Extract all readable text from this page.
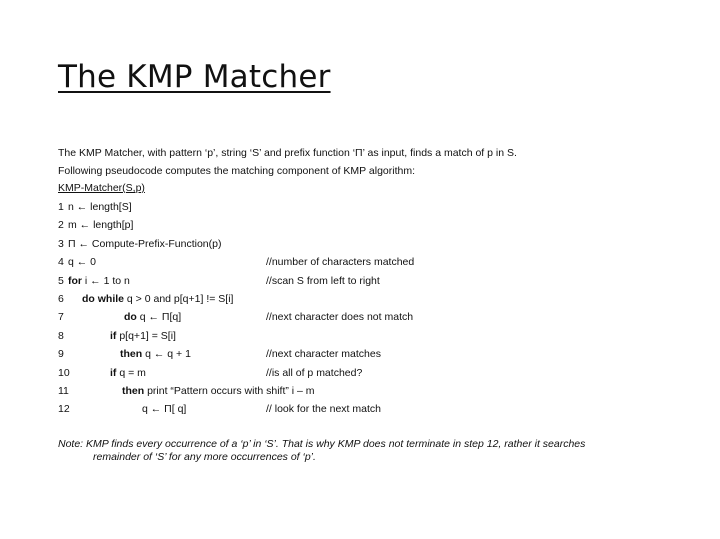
The KMP Matcher
The KMP Matcher, with pattern ‘p’, string ‘S’ and prefix function ‘Π’ as input, finds a match of p in S.
Following pseudocode computes the matching component of KMP algorithm:
KMP-Matcher(S,p)
1 n ← length[S]
2 m ← length[p]
3 Π ← Compute-Prefix-Function(p)
4 q ← 0	//number of characters matched
5 for i ← 1 to n	//scan S from left to right
6 do while q > 0 and p[q+1] != S[i]
7	do q ← Π[q]	//next character does not match
8	if p[q+1] = S[i]
9	then q ← q + 1	//next character matches
10	if q = m	//is all of p matched?
11	then print “Pattern occurs with shift” i – m
12	q ← Π[ q]	// look for the next match
Note: KMP finds every occurrence of a ‘p’ in ‘S’. That is why KMP does not terminate in step 12, rather it searches
remainder of ‘S’ for any more occurrences of ‘p’.
